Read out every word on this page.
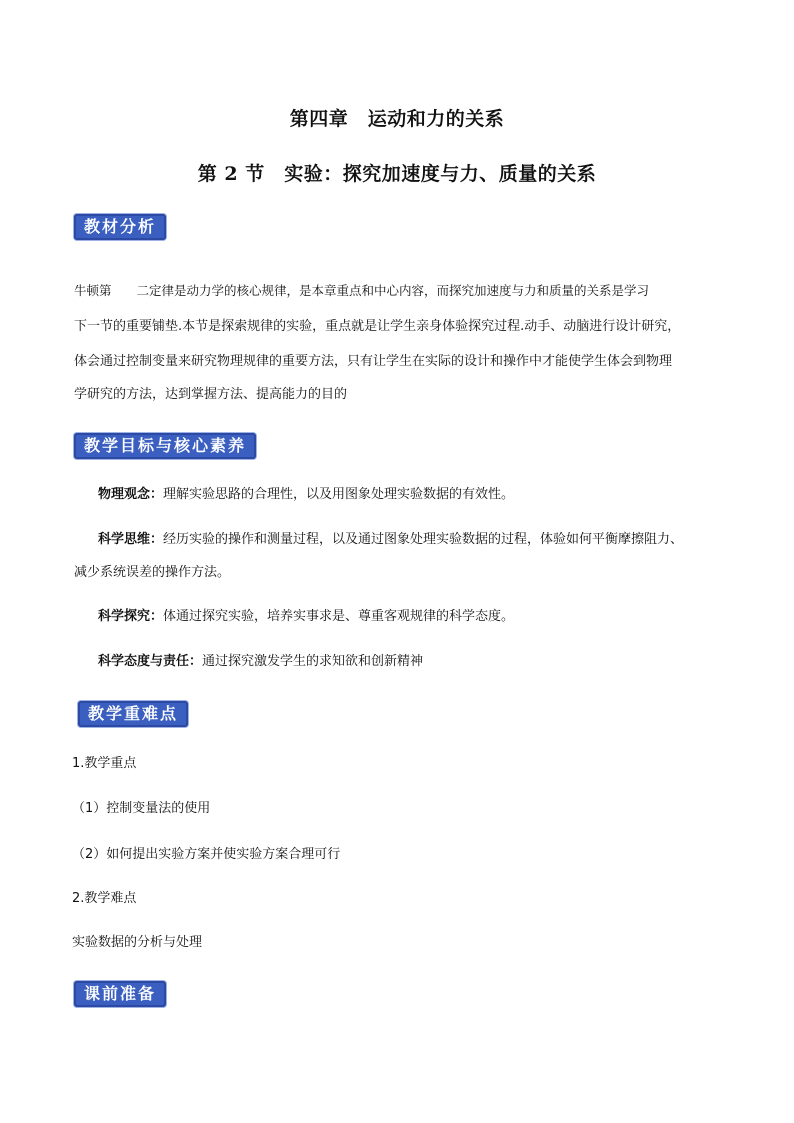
第四章　运动和力的关系
第 2 节　实验：探究加速度与力、质量的关系
教材分析
牛顿第　　二定律是动力学的核心规律，是本章重点和中心内容，而探究加速度与力和质量的关系是学习
下一节的重要铺垫.本节是探索规律的实验，重点就是让学生亲身体验探究过程.动手、动脑进行设计研究，
体会通过控制变量来研究物理规律的重要方法，只有让学生在实际的设计和操作中才能使学生体会到物理
学研究的方法，达到掌握方法、提高能力的目的
教学目标与核心素养
物理观念：理解实验思路的合理性，以及用图象处理实验数据的有效性。
科学思维：经历实验的操作和测量过程，以及通过图象处理实验数据的过程，体验如何平衡摩擦阻力、
减少系统误差的操作方法。
科学探究：体通过探究实验，培养实事求是、尊重客观规律的科学态度。
科学态度与责任：通过探究激发学生的求知欲和创新精神
教学重难点
1.教学重点
（1）控制变量法的使用
（2）如何提出实验方案并使实验方案合理可行
2.教学难点
实验数据的分析与处理
课前准备
